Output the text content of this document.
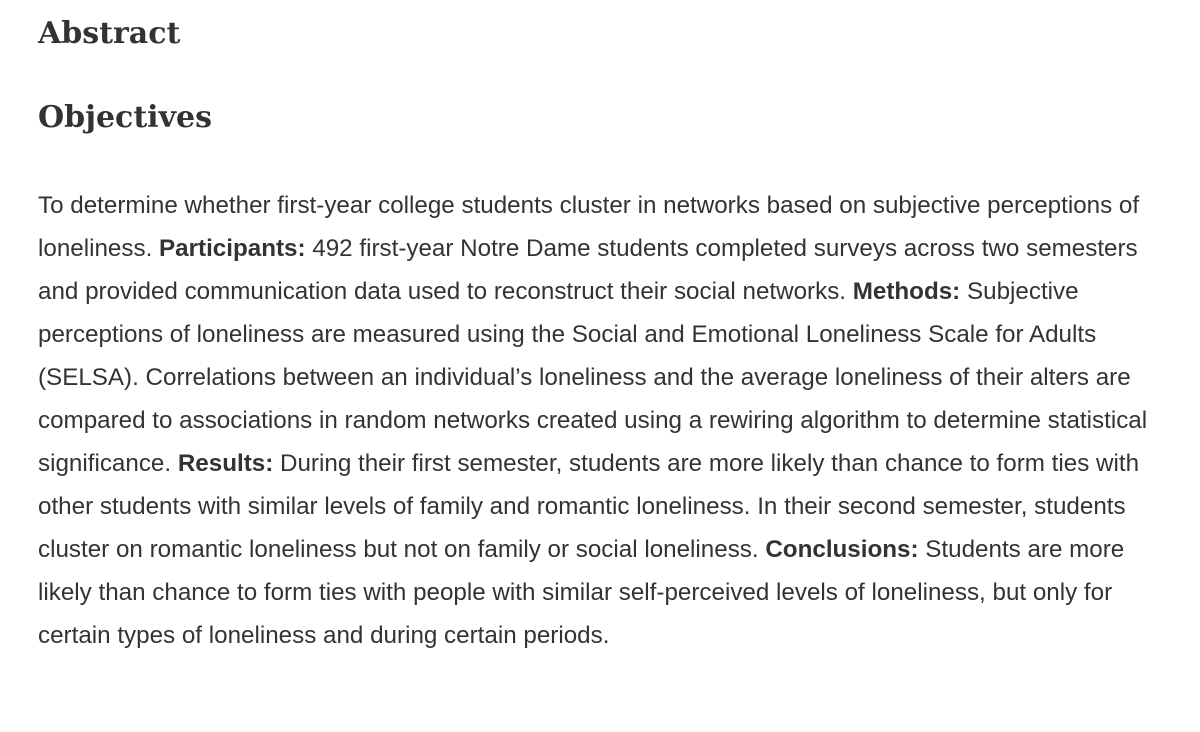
Abstract
Objectives

To determine whether first-year college students cluster in networks based on subjective perceptions of loneliness. Participants: 492 first-year Notre Dame students completed surveys across two semesters and provided communication data used to reconstruct their social networks. Methods: Subjective perceptions of loneliness are measured using the Social and Emotional Loneliness Scale for Adults (SELSA). Correlations between an individual’s loneliness and the average loneliness of their alters are compared to associations in random networks created using a rewiring algorithm to determine statistical significance. Results: During their first semester, students are more likely than chance to form ties with other students with similar levels of family and romantic loneliness. In their second semester, students cluster on romantic loneliness but not on family or social loneliness. Conclusions: Students are more likely than chance to form ties with people with similar self-perceived levels of loneliness, but only for certain types of loneliness and during certain periods.
